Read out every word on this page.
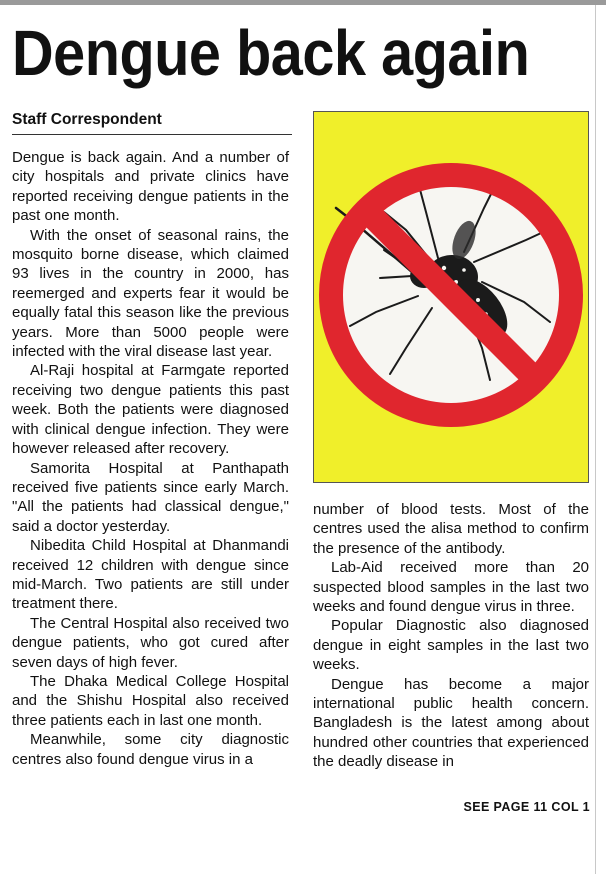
Dengue back again
Staff Correspondent

Dengue is back again. And a number of city hospitals and private clinics have reported receiving dengue patients in the past one month.

With the onset of seasonal rains, the mosquito borne disease, which claimed 93 lives in the country in 2000, has reemerged and experts fear it would be equally fatal this season like the previous years. More than 5000 people were infected with the viral disease last year.

Al-Raji hospital at Farmgate reported receiving two dengue patients this past week. Both the patients were diagnosed with clinical dengue infection. They were however released after recovery.

Samorita Hospital at Panthapath received five patients since early March. "All the patients had classical dengue," said a doctor yesterday.

Nibedita Child Hospital at Dhanmandi received 12 children with dengue since mid-March. Two patients are still under treatment there.

The Central Hospital also received two dengue patients, who got cured after seven days of high fever.

The Dhaka Medical College Hospital and the Shishu Hospital also received three patients each in last one month.

Meanwhile, some city diagnostic centres also found dengue virus in a

number of blood tests. Most of the centres used the alisa method to confirm the presence of the antibody.

Lab-Aid received more than 20 suspected blood samples in the last two weeks and found dengue virus in three.

Popular Diagnostic also diagnosed dengue in eight samples in the last two weeks.

Dengue has become a major international public health concern. Bangladesh is the latest among about hundred other countries that experienced the deadly disease in

SEE PAGE 11 COL 1
